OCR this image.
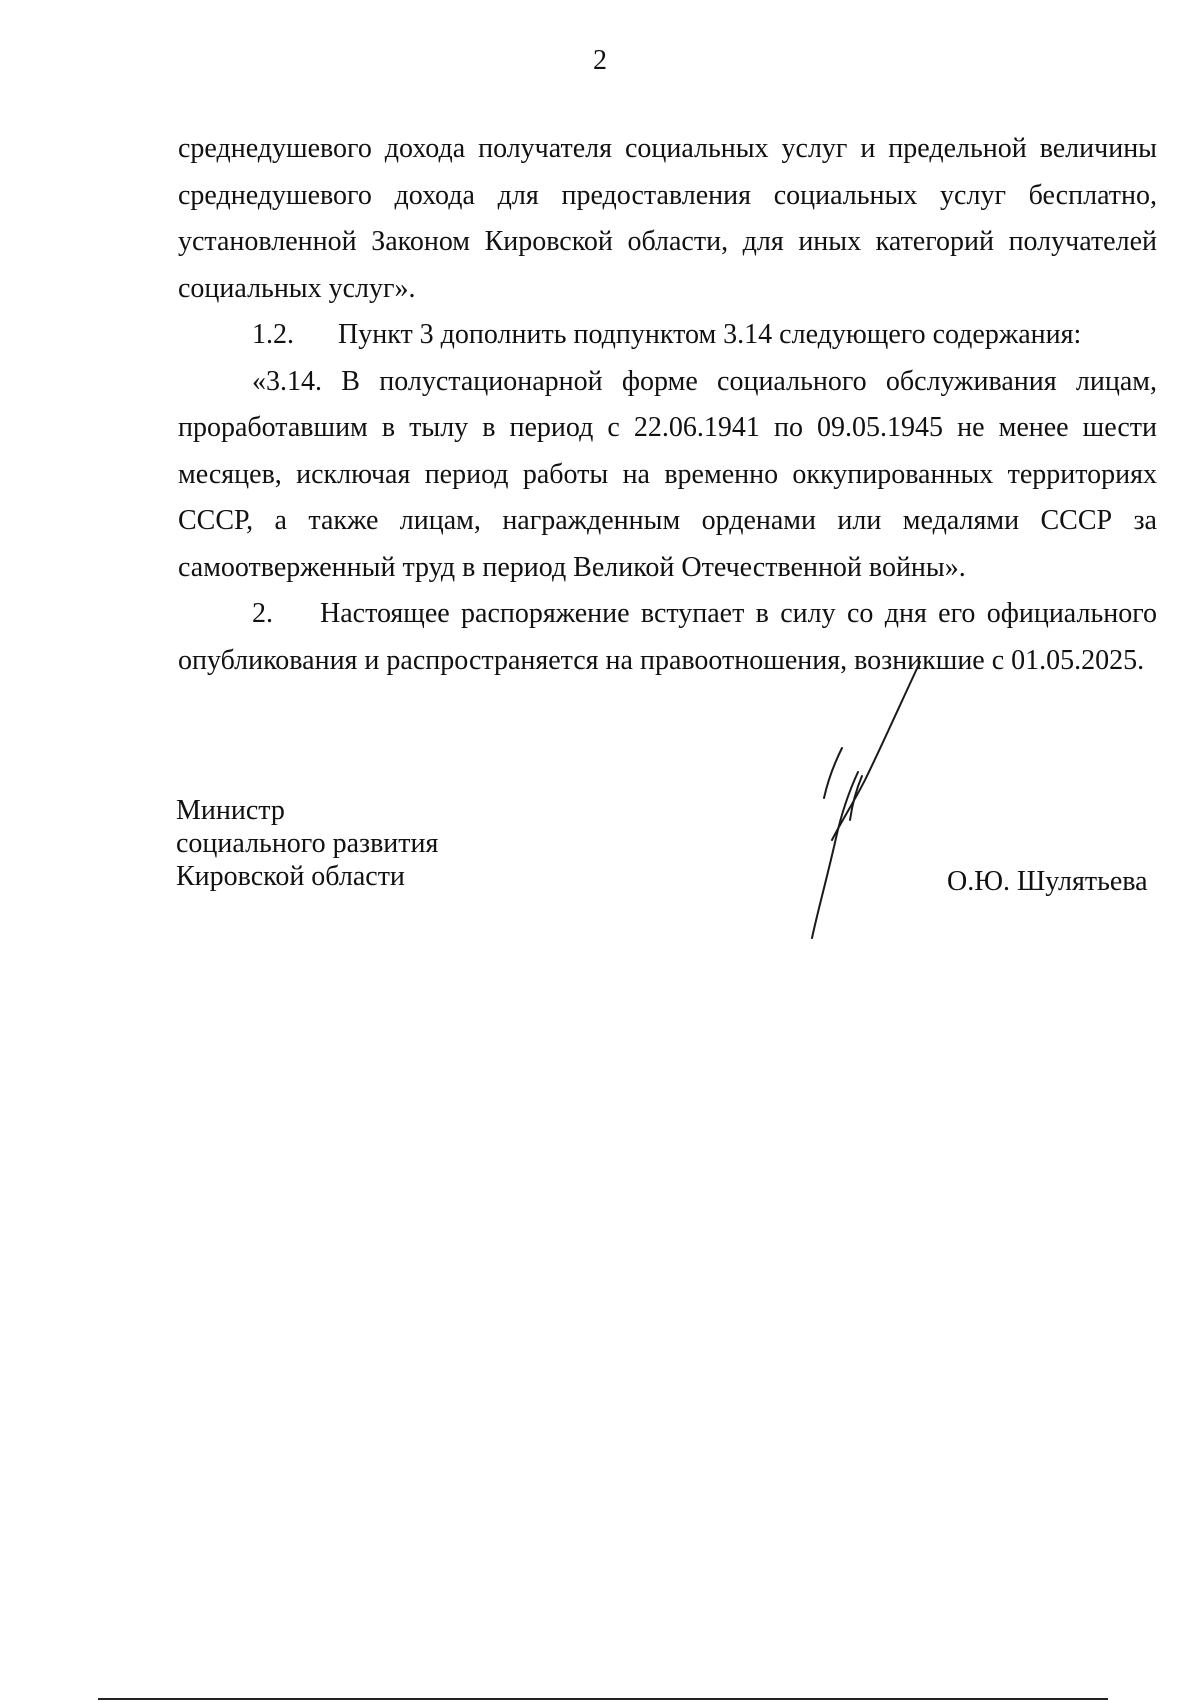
2

среднедушевого дохода получателя социальных услуг и предельной величины среднедушевого дохода для предоставления социальных услуг бесплатно, установленной Законом Кировской области, для иных категорий получателей социальных услуг».

1.2. Пункт 3 дополнить подпунктом 3.14 следующего содержания:

«3.14. В полустационарной форме социального обслуживания лицам, проработавшим в тылу в период с 22.06.1941 по 09.05.1945 не менее шести месяцев, исключая период работы на временно оккупированных территориях СССР, а также лицам, награжденным орденами или медалями СССР за самоотверженный труд в период Великой Отечественной войны».

2. Настоящее распоряжение вступает в силу со дня его официального опубликования и распространяется на правоотношения, возникшие с 01.05.2025.

Министр
социального развития
Кировской области	О.Ю. Шулятьева
